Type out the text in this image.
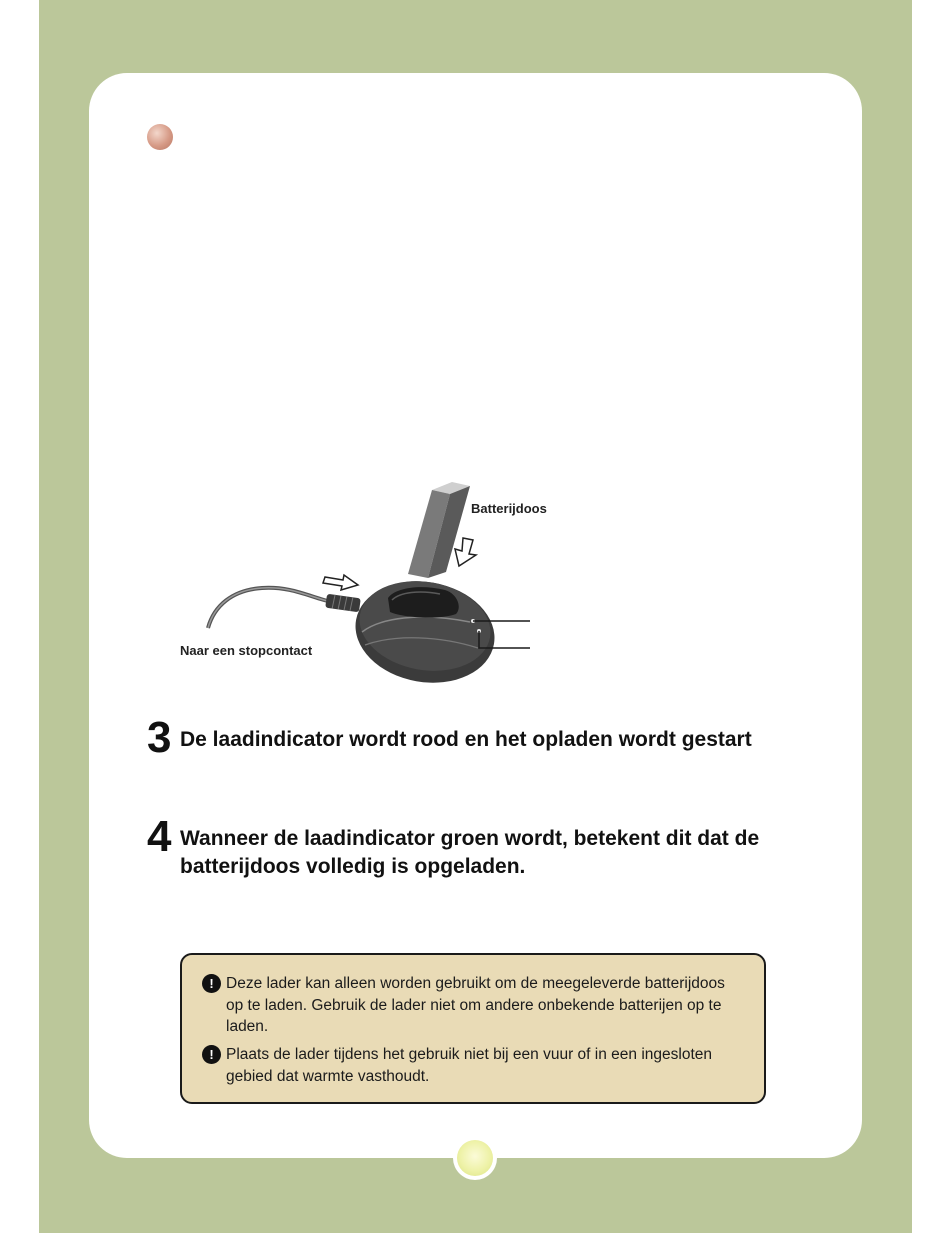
Batterijdoos
Naar een stopcontact
3 De laadindicator wordt rood en het opladen wordt gestart
4 Wanneer de laadindicator groen wordt, betekent dit dat de batterijdoos volledig is opgeladen.
! Deze lader kan alleen worden gebruikt om de meegeleverde batterijdoos op te laden. Gebruik de lader niet om andere onbekende batterijen op te laden.
! Plaats de lader tijdens het gebruik niet bij een vuur of in een ingesloten gebied dat warmte vasthoudt.
